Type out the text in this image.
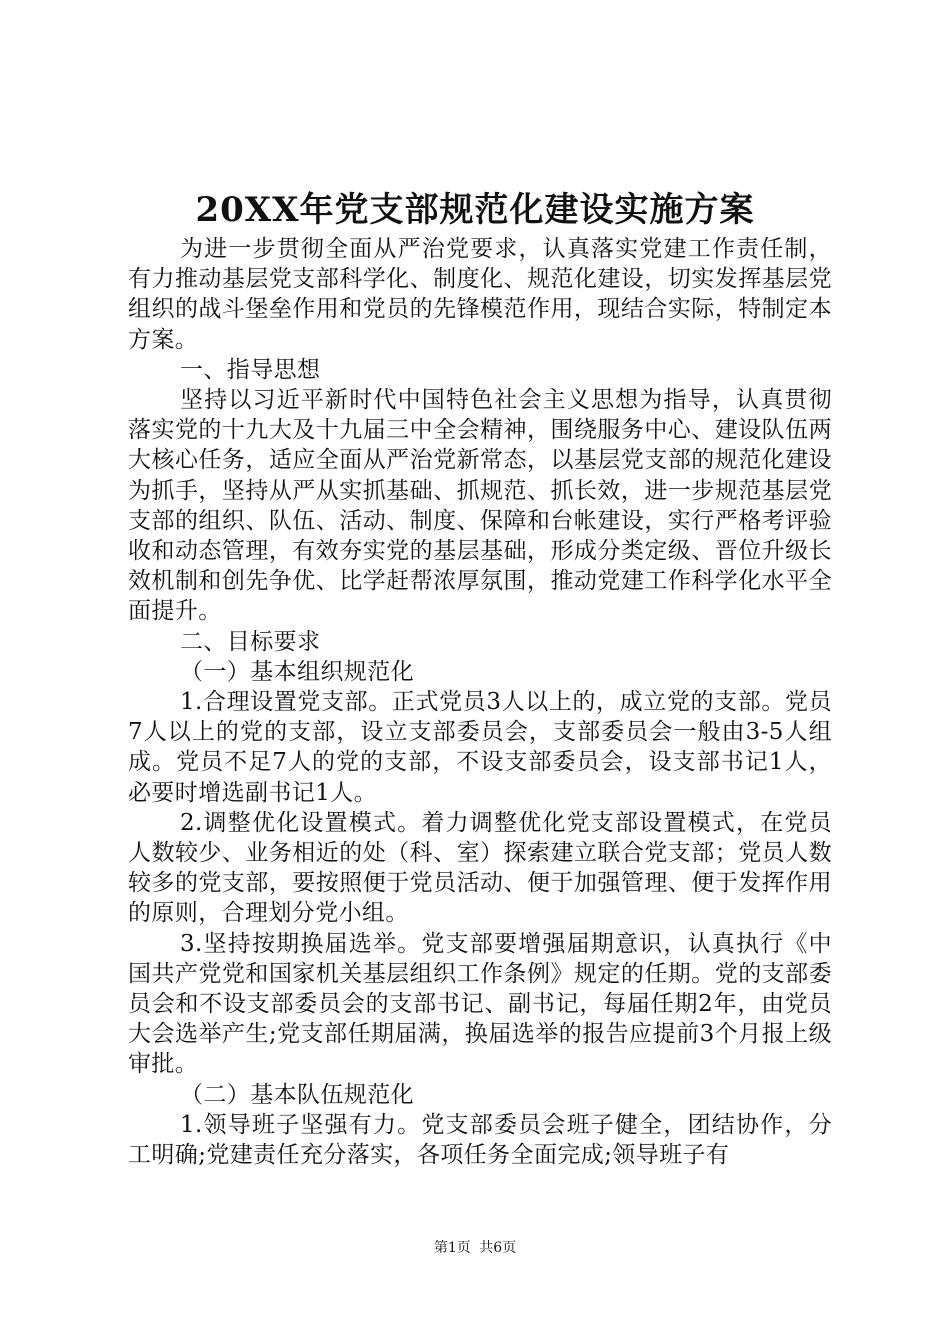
20XX年党支部规范化建设实施方案

为进一步贯彻全面从严治党要求，认真落实党建工作责任制，有力推动基层党支部科学化、制度化、规范化建设，切实发挥基层党组织的战斗堡垒作用和党员的先锋模范作用，现结合实际，特制定本方案。

一、指导思想

坚持以习近平新时代中国特色社会主义思想为指导，认真贯彻落实党的十九大及十九届三中全会精神，围绕服务中心、建设队伍两大核心任务，适应全面从严治党新常态，以基层党支部的规范化建设为抓手，坚持从严从实抓基础、抓规范、抓长效，进一步规范基层党支部的组织、队伍、活动、制度、保障和台帐建设，实行严格考评验收和动态管理，有效夯实党的基层基础，形成分类定级、晋位升级长效机制和创先争优、比学赶帮浓厚氛围，推动党建工作科学化水平全面提升。

二、目标要求

（一）基本组织规范化

1.合理设置党支部。正式党员3人以上的，成立党的支部。党员7人以上的党的支部，设立支部委员会，支部委员会一般由3-5人组成。党员不足7人的党的支部，不设支部委员会，设支部书记1人，必要时增选副书记1人。

2.调整优化设置模式。着力调整优化党支部设置模式，在党员人数较少、业务相近的处（科、室）探索建立联合党支部；党员人数较多的党支部，要按照便于党员活动、便于加强管理、便于发挥作用的原则，合理划分党小组。

3.坚持按期换届选举。党支部要增强届期意识，认真执行《中国共产党党和国家机关基层组织工作条例》规定的任期。党的支部委员会和不设支部委员会的支部书记、副书记，每届任期2年，由党员大会选举产生;党支部任期届满，换届选举的报告应提前3个月报上级审批。

（二）基本队伍规范化

1.领导班子坚强有力。党支部委员会班子健全，团结协作，分工明确;党建责任充分落实，各项任务全面完成;领导班子有

第1页 共6页
